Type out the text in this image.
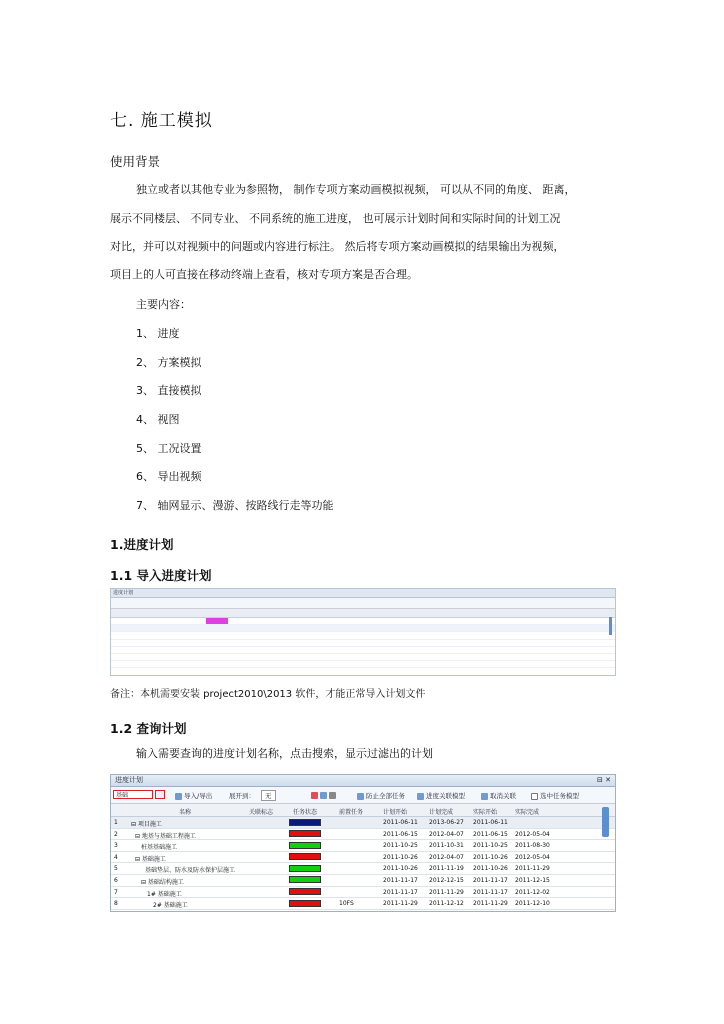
七. 施工模拟
使用背景
独立或者以其他专业为参照物， 制作专项方案动画模拟视频， 可以从不同的角度、 距离，
展示不同楼层、 不同专业、 不同系统的施工进度， 也可展示计划时间和实际时间的计划工况
对比，并可以对视频中的问题或内容进行标注。 然后将专项方案动画模拟的结果输出为视频，
项目上的人可直接在移动终端上查看，核对专项方案是否合理。
主要内容：
1、 进度
2、 方案模拟
3、 直接模拟
4、 视图
5、 工况设置
6、 导出视频
7、 轴网显示、漫游、按路线行走等功能
1.进度计划
1.1 导入进度计划
进度计划
备注：本机需要安装 project2010\2013 软件，才能正常导入计划文件
1.2 查询计划
输入需要查询的进度计划名称，点击搜索，显示过滤出的计划
进度计划	⊟ ✕
基础	导入/导出	展开到：	无	防止全部任务	进度关联模型	取消关联	选中任务模型
名称	关联标志	任务状态	前置任务	计划开始	计划完成	实际开始	实际完成
1 ⊟ 项目施工	2011-06-11 2013-06-27 2011-06-11
2	⊟ 地基与基础工程施工	2011-06-15 2012-04-07 2011-06-15 2012-05-04
3	桩基基础施工	2011-10-25 2011-10-31 2011-10-25 2011-08-30
4	⊟ 基础施工	2011-10-26 2012-04-07 2011-10-26 2012-05-04
5	基础垫层、防水及防水保护层施工	2011-10-26 2011-11-19 2011-10-26 2011-11-29
6	⊟ 基础结构施工	2011-11-17 2012-12-15 2011-11-17 2011-12-15
7	1# 基础施工	2011-11-17 2011-11-29 2011-11-17 2011-12-02
8	2# 基础施工	10FS	2011-11-29 2011-12-12 2011-11-29 2011-12-10
